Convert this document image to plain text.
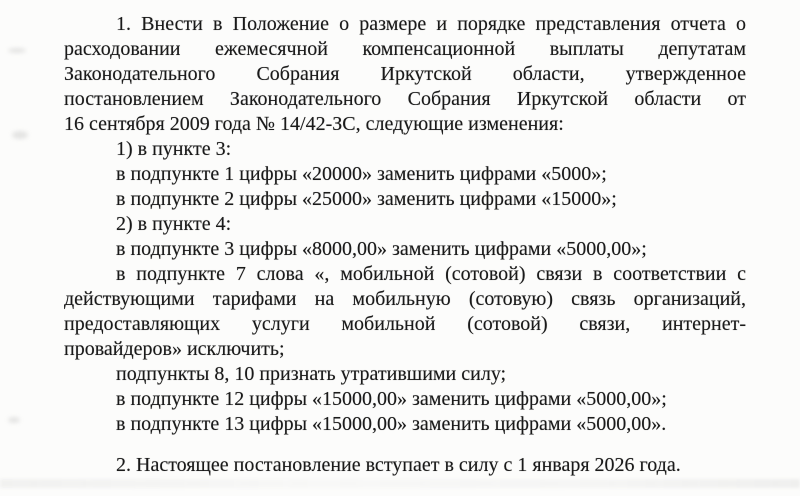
1. Внести в Положение о размере и порядке представления отчета о
расходовании ежемесячной компенсационной выплаты депутатам
Законодательного Собрания Иркутской области, утвержденное
постановлением Законодательного Собрания Иркутской области от
16 сентября 2009 года № 14/42-ЗС, следующие изменения:
1) в пункте 3:
в подпункте 1 цифры «20000» заменить цифрами «5000»;
в подпункте 2 цифры «25000» заменить цифрами «15000»;
2) в пункте 4:
в подпункте 3 цифры «8000,00» заменить цифрами «5000,00»;
в подпункте 7 слова «, мобильной (сотовой) связи в соответствии с
действующими тарифами на мобильную (сотовую) связь организаций,
предоставляющих услуги мобильной (сотовой) связи, интернет-
провайдеров» исключить;
подпункты 8, 10 признать утратившими силу;
в подпункте 12 цифры «15000,00» заменить цифрами «5000,00»;
в подпункте 13 цифры «15000,00» заменить цифрами «5000,00».
2. Настоящее постановление вступает в силу с 1 января 2026 года.
